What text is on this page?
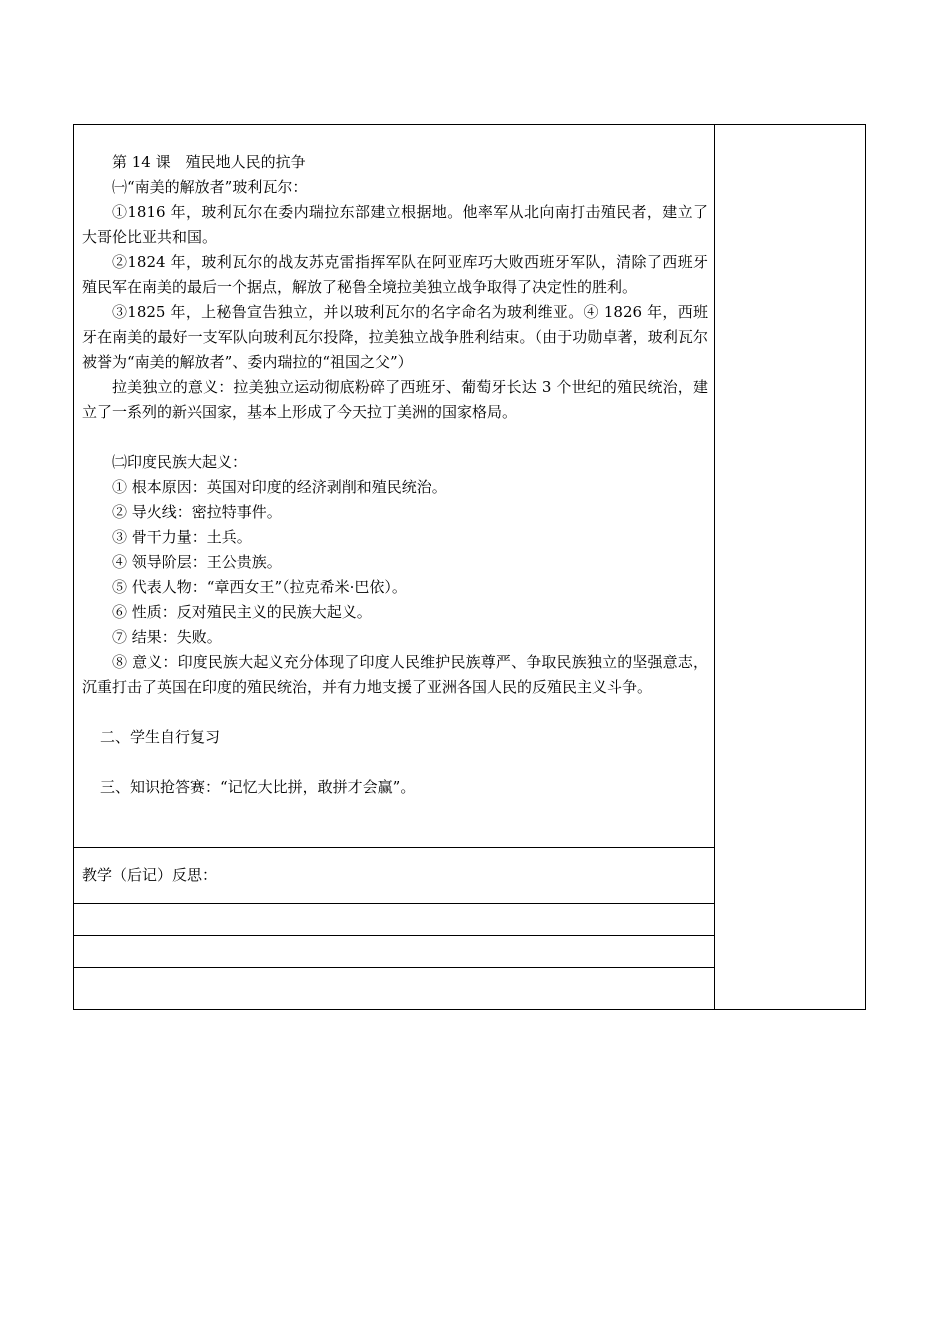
第 14 课　殖民地人民的抗争

㈠“南美的解放者”玻利瓦尔：

①1816 年，玻利瓦尔在委内瑞拉东部建立根据地。他率军从北向南打击殖民者，建立了大哥伦比亚共和国。

②1824 年，玻利瓦尔的战友苏克雷指挥军队在阿亚库巧大败西班牙军队，清除了西班牙殖民军在南美的最后一个据点，解放了秘鲁全境拉美独立战争取得了决定性的胜利。

③1825 年，上秘鲁宣告独立，并以玻利瓦尔的名字命名为玻利维亚。④ 1826 年，西班牙在南美的最好一支军队向玻利瓦尔投降，拉美独立战争胜利结束。（由于功勋卓著，玻利瓦尔被誉为“南美的解放者”、委内瑞拉的“祖国之父”）

拉美独立的意义：拉美独立运动彻底粉碎了西班牙、葡萄牙长达 3 个世纪的殖民统治，建立了一系列的新兴国家，基本上形成了今天拉丁美洲的国家格局。

㈡印度民族大起义：

① 根本原因：英国对印度的经济剥削和殖民统治。

② 导火线：密拉特事件。

③ 骨干力量：土兵。

④ 领导阶层：王公贵族。

⑤ 代表人物：“章西女王”（拉克希米·巴依）。

⑥ 性质：反对殖民主义的民族大起义。

⑦ 结果：失败。

⑧ 意义：印度民族大起义充分体现了印度人民维护民族尊严、争取民族独立的坚强意志，沉重打击了英国在印度的殖民统治，并有力地支援了亚洲各国人民的反殖民主义斗争。

二、学生自行复习

三、知识抢答赛：“记忆大比拼，敢拼才会赢”。

教学（后记）反思：
